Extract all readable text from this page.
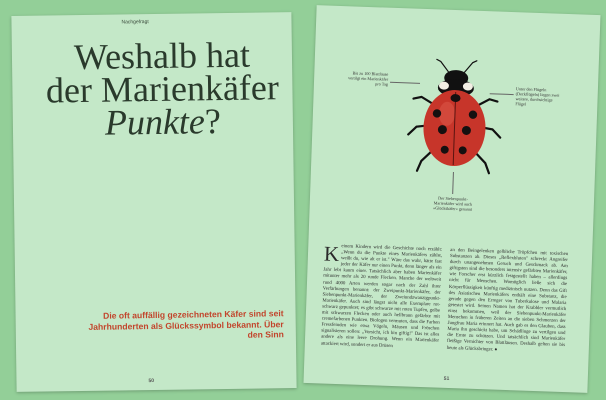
Nachgefragt
Weshalb hat
der Marienkäfer
Punkte?
Die oft auffällig gezeichneten Käfer sind seit Jahrhunderten als Glückssymbol bekannt. Über den Sinn
50
Bis zu 100 Blattläuse vertilgt ein Marienkäfer pro Tag
Unter den Flügeln (Deckflügeln) liegen zwei weitere, durchsichtige Flügel
Der Siebenpunkt-Marienkäfer wird auch »Glückskäfer« genannt
Keinem Kindern wird die Geschichte noch erzählt: „Wenn du die Punkte eines Marienkäfers zählst, weißt du, wie alt er ist." Wäre das wahr, hätte fast jeder der Käfer nur einen Punkt, denn länger als ein Jahr lebt kaum einer. Tatsächlich aber haben Marienkäfer mitunter mehr als 20 runde Flecken. Manche der weltweit rund 4000 Arten werden sogar nach der Zahl ihrer Verfärbungen benannt: der Zweipunkt-Marienkäfer, der Siebenpunkt-Marienkäfer, der Zweiundzwanzigpunkt-Marienkäfer. Auch sind längst nicht alle Exemplare rot-schwarz gepunktet; es gibt schwarze mit roten Tupfen, gelbe mit schwarzen Flecken oder auch hellbraun gefärbte mit cremefarbenen Punkten. Biologen vermuten, dass die Farben Fressfeinden wie etwa Vögeln, Mäusen und Fröschen signalisieren sollen: „Vorsicht, ich bin giftig!" Das ist alles andere als eine leere Drohung. Wenn ein Marienkäfer attackiert wird, sondert er aus Drüsen
an den Beingelenken gelbliche Tröpfchen mit toxischen Substanzen ab. Dieses „Reflexbluten" schreckt Angreifer durch unangenehmen Geruch und Geschmack ab. Am giftigsten sind die besonders intensiv gefärbten Marienkäfer, wie Forscher erst kürzlich festgestellt haben – allerdings nicht für Menschen. Womöglich ließe sich die Körperflüssigkeit künftig medizinisch nutzen. Denn das Gift des Asiatischen Marienkäfers enthält eine Substanz, die gerade gegen den Erreger von Tuberkulose und Malaria getestet wird. Seinen Namen hat der Krabbler vermutlich einst bekommen, weil der Siebenpunkt-Marienkäfer Menschen in früheren Zeiten an die sieben Schmerzen der Jungfrau Maria erinnert hat. Auch gab es den Glauben, dass Maria ihn geschickt habe, um Schädlinge zu vertilgen und die Ernte zu schützen. Und tatsächlich sind Marienkäfer fleißige Vernichter von Blattläusen. Deshalb gelten sie bis heute als Glücksbringer. ●
51
